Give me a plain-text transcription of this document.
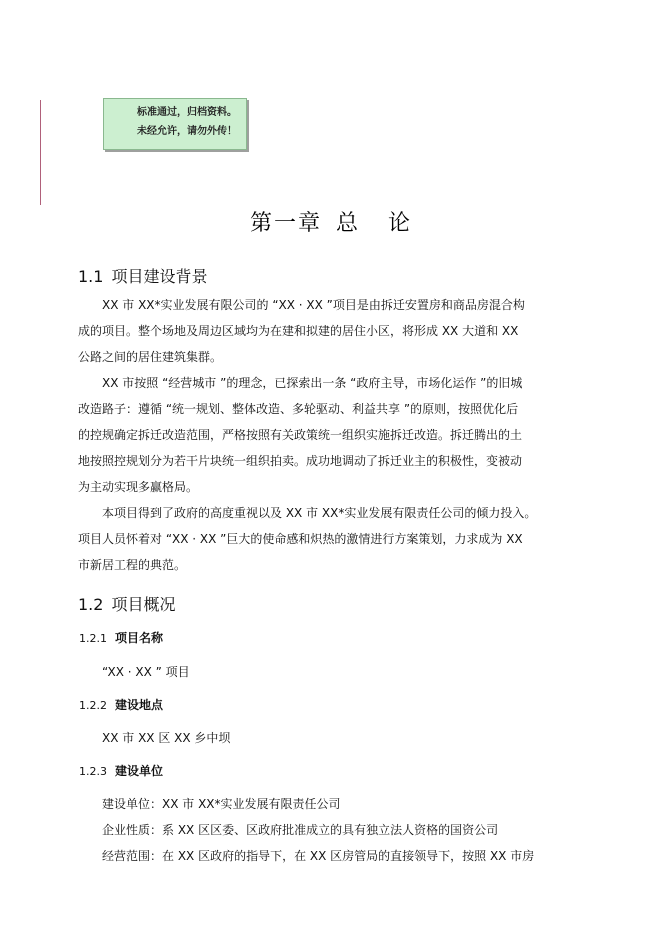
标准通过，归档资料。
未经允许，请勿外传！
第一章 总 论
1.1 项目建设背景
XX 市 XX*实业发展有限公司的 “XX · XX ”项目是由拆迁安置房和商品房混合构
成的项目。整个场地及周边区域均为在建和拟建的居住小区，将形成 XX 大道和 XX
公路之间的居住建筑集群。
XX 市按照 “经营城市 ”的理念，已探索出一条 “政府主导，市场化运作 ”的旧城
改造路子：遵循 “统一规划、整体改造、多轮驱动、利益共享 ”的原则，按照优化后
的控规确定拆迁改造范围，严格按照有关政策统一组织实施拆迁改造。拆迁腾出的土
地按照控规划分为若干片块统一组织拍卖。成功地调动了拆迁业主的积极性，变被动
为主动实现多赢格局。
本项目得到了政府的高度重视以及 XX 市 XX*实业发展有限责任公司的倾力投入。
项目人员怀着对 “XX · XX ”巨大的使命感和炽热的激情进行方案策划，力求成为 XX
市新居工程的典范。
1.2 项目概况
1.2.1 项目名称
“XX · XX ” 项目
1.2.2 建设地点
XX 市 XX 区 XX 乡中坝
1.2.3 建设单位
建设单位：XX 市 XX*实业发展有限责任公司
企业性质：系 XX 区区委、区政府批准成立的具有独立法人资格的国资公司
经营范围：在 XX 区政府的指导下，在 XX 区房管局的直接领导下，按照 XX 市房
